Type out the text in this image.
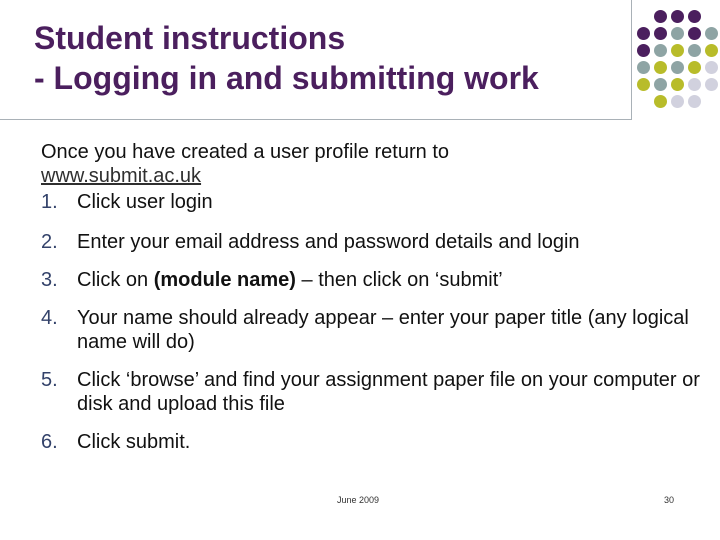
Student instructions
- Logging in and submitting work

Once you have created a user profile return to

www.submit.ac.uk

1. Click user login
2. Enter your email address and password details and login
3. Click on (module name) – then click on ‘submit’
4. Your name should already appear – enter your paper title (any logical name will do)
5. Click ‘browse’ and find your assignment paper file on your computer or disk and upload this file
6. Click submit.
June 2009	30
